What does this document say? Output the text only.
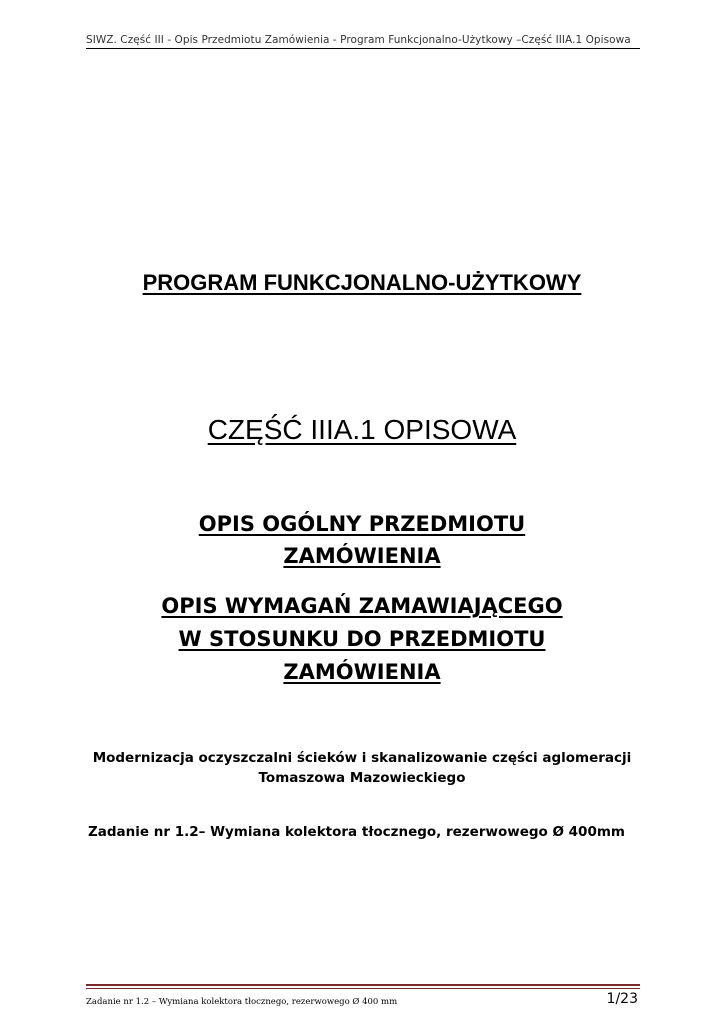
SIWZ. Część III - Opis Przedmiotu Zamówienia - Program Funkcjonalno-Użytkowy –Część IIIA.1 Opisowa
PROGRAM FUNKCJONALNO-UŻYTKOWY
CZĘŚĆ IIIA.1 OPISOWA
OPIS OGÓLNY PRZEDMIOTU
ZAMÓWIENIA
OPIS WYMAGAŃ ZAMAWIAJĄCEGO
W STOSUNKU DO PRZEDMIOTU
ZAMÓWIENIA
Modernizacja oczyszczalni ścieków i skanalizowanie części aglomeracji
Tomaszowa Mazowieckiego
Zadanie nr 1.2– Wymiana kolektora tłocznego, rezerwowego Ø 400mm
Zadanie nr 1.2 – Wymiana kolektora tłocznego, rezerwowego Ø 400 mm	1/23
